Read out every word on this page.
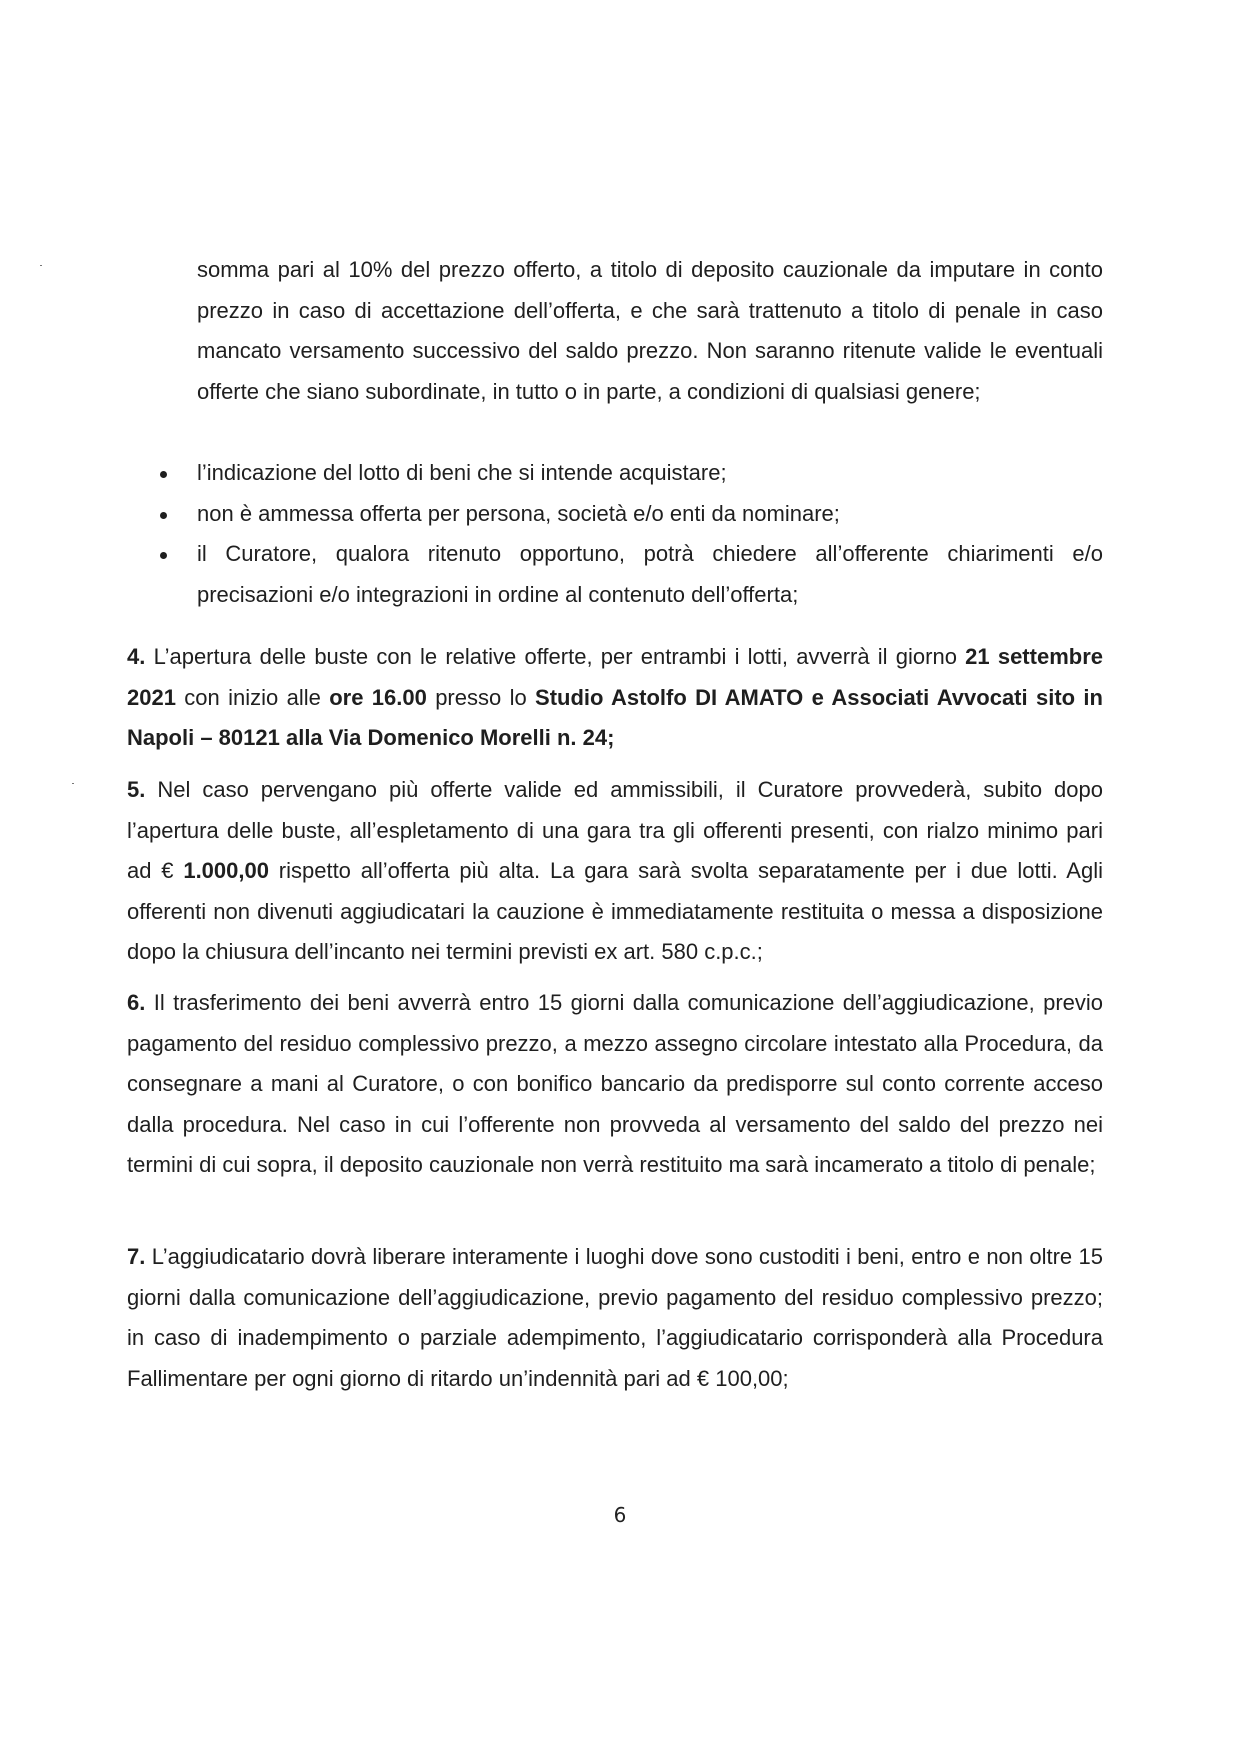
somma pari al 10% del prezzo offerto, a titolo di deposito cauzionale da imputare in conto prezzo in caso di accettazione dell’offerta, e che sarà trattenuto a titolo di penale in caso mancato versamento successivo del saldo prezzo. Non saranno ritenute valide le eventuali offerte che siano subordinate, in tutto o in parte, a condizioni di qualsiasi genere;

l’indicazione del lotto di beni che si intende acquistare;
non è ammessa offerta per persona, società e/o enti da nominare;
il Curatore, qualora ritenuto opportuno, potrà chiedere all’offerente chiarimenti e/o precisazioni e/o integrazioni in ordine al contenuto dell’offerta;

4. L’apertura delle buste con le relative offerte, per entrambi i lotti, avverrà il giorno 21 settembre 2021 con inizio alle ore 16.00 presso lo Studio Astolfo DI AMATO e Associati Avvocati sito in Napoli – 80121 alla Via Domenico Morelli n. 24;

5. Nel caso pervengano più offerte valide ed ammissibili, il Curatore provvederà, subito dopo l’apertura delle buste, all’espletamento di una gara tra gli offerenti presenti, con rialzo minimo pari ad € 1.000,00 rispetto all’offerta più alta. La gara sarà svolta separatamente per i due lotti. Agli offerenti non divenuti aggiudicatari la cauzione è immediatamente restituita o messa a disposizione dopo la chiusura dell’incanto nei termini previsti ex art. 580 c.p.c.;

6. Il trasferimento dei beni avverrà entro 15 giorni dalla comunicazione dell’aggiudicazione, previo pagamento del residuo complessivo prezzo, a mezzo assegno circolare intestato alla Procedura, da consegnare a mani al Curatore, o con bonifico bancario da predisporre sul conto corrente acceso dalla procedura. Nel caso in cui l’offerente non provveda al versamento del saldo del prezzo nei termini di cui sopra, il deposito cauzionale non verrà restituito ma sarà incamerato a titolo di penale;

7. L’aggiudicatario dovrà liberare interamente i luoghi dove sono custoditi i beni, entro e non oltre 15 giorni dalla comunicazione dell’aggiudicazione, previo pagamento del residuo complessivo prezzo; in caso di inadempimento o parziale adempimento, l’aggiudicatario corrisponderà alla Procedura Fallimentare per ogni giorno di ritardo un’indennità pari ad € 100,00;

6
